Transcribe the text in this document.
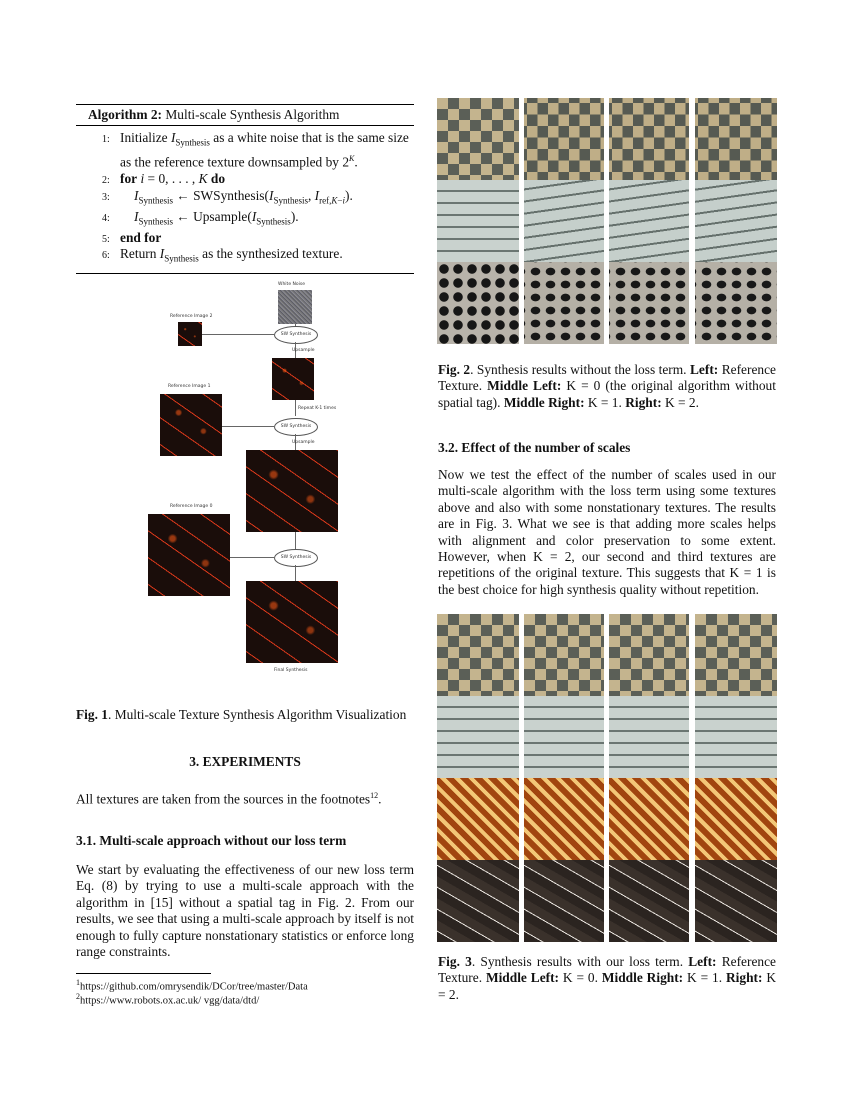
Algorithm 2: Multi-scale Synthesis Algorithm
1: Initialize $I_{Synthesis}$ as a white noise that is the same size
as the reference texture downsampled by $2^K$.
2: for i = 0, . . . , K do
3: $I_{Synthesis}$ ← $SWSynthesis(I_{Synthesis}$, $I_{ref,K-i}$).
4: $I_{Synthesis}$ ← $Upsample(I_{Synthesis})$.
5: end for
6: Return $I_{Synthesis}$ as the synthesized texture.
White Noise
Reference Image 2
SW Synthesis
Upsample
Repeat K-1 times
Reference Image 1
SW Synthesis
Upsample
Reference Image 0
SW Synthesis
Final Synthesis

Fig. 1. Multi-scale Texture Synthesis Algorithm Visualization

3. EXPERIMENTS

All textures are taken from the sources in the footnotes$^{12}$.

3.1. Multi-scale approach without our loss term

We start by evaluating the effectiveness of our new loss term Eq. (8) by trying to use a multi-scale approach with the algorithm in [15] without a spatial tag in Fig. 2. From our results, we see that using a multi-scale approach by itself is not enough to fully capture nonstationary statistics or enforce long range constraints.

$^1$https://github.com/omrysendik/DCor/tree/master/Data
$^2$https://www.robots.ox.ac.uk/ vgg/data/dtd/

Fig. 2. Synthesis results without the loss term. Left: Reference Texture. Middle Left: K = 0 (the original algorithm without spatial tag). Middle Right: K = 1. Right: K = 2.

3.2. Effect of the number of scales

Now we test the effect of the number of scales used in our multi-scale algorithm with the loss term using some textures above and also with some nonstationary textures. The results are in Fig. 3. What we see is that adding more scales helps with alignment and color preservation to some extent. However, when K = 2, our second and third textures are repetitions of the original texture. This suggests that K = 1 is the best choice for high synthesis quality without repetition.

Fig. 3. Synthesis results with our loss term. Left: Reference Texture. Middle Left: K = 0. Middle Right: K = 1. Right: K = 2.
